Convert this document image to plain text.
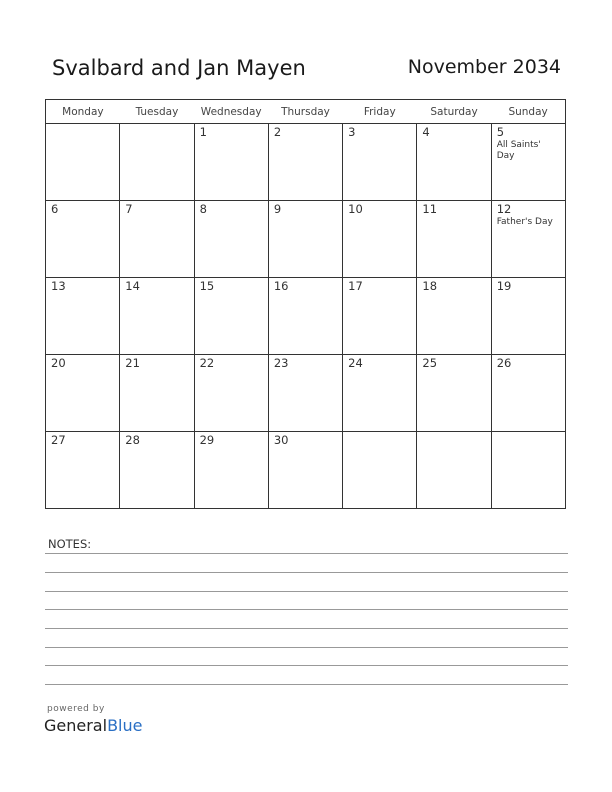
Svalbard and Jan Mayen	November 2034
Monday	Tuesday	Wednesday	Thursday	Friday	Saturday	Sunday

		1	2	3	4	5
All Saints' Day

6	7	8	9	10	11	12
Father's Day

13	14	15	16	17	18	19

20	21	22	23	24	25	26

27	28	29	30			

NOTES:
powered by
GeneralBlue
